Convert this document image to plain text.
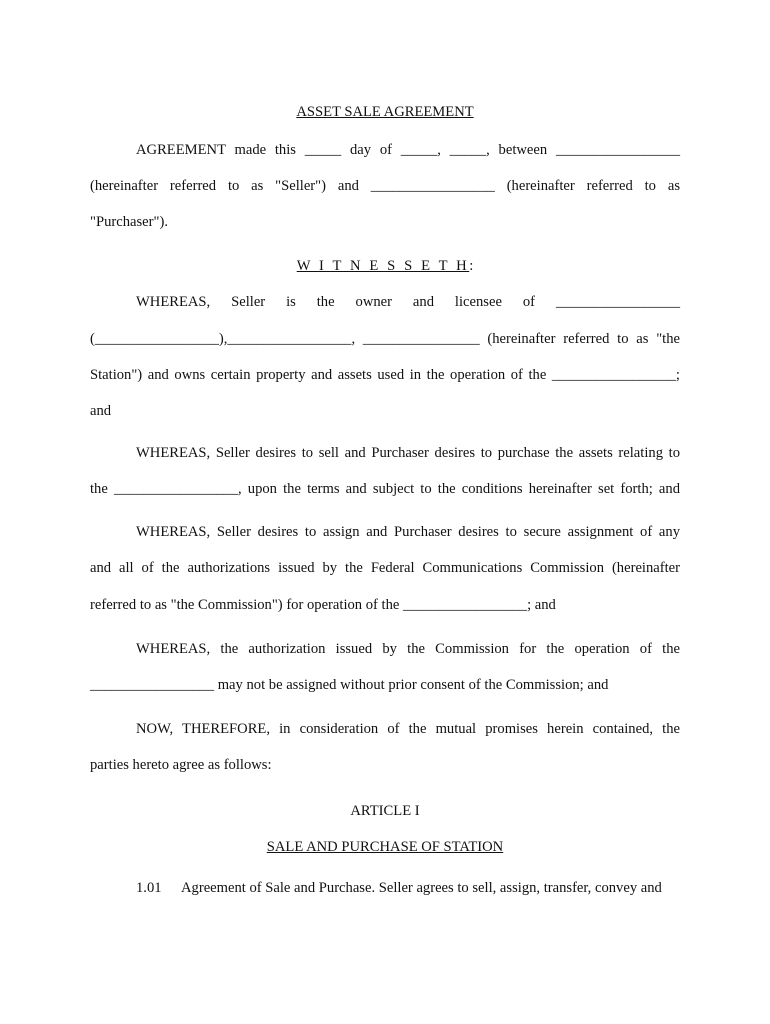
ASSET SALE AGREEMENT
AGREEMENT made this _____ day of _____, _____, between _________________
(hereinafter referred to as "Seller") and _________________ (hereinafter referred to as
"Purchaser").
W I T N E S S E T H:
WHEREAS, Seller is the owner and licensee of _________________
(_________________),_________________, ________________ (hereinafter referred to as "the
Station") and owns certain property and assets used in the operation of the _________________;
and
WHEREAS, Seller desires to sell and Purchaser desires to purchase the assets relating to
the _________________, upon the terms and subject to the conditions hereinafter set forth; and
WHEREAS, Seller desires to assign and Purchaser desires to secure assignment of any
and all of the authorizations issued by the Federal Communications Commission (hereinafter
referred to as "the Commission") for operation of the _________________; and
WHEREAS, the authorization issued by the Commission for the operation of the
_________________ may not be assigned without prior consent of the Commission; and
NOW, THEREFORE, in consideration of the mutual promises herein contained, the
parties hereto agree as follows:
ARTICLE I
SALE AND PURCHASE OF STATION
1.01 Agreement of Sale and Purchase. Seller agrees to sell, assign, transfer, convey and
